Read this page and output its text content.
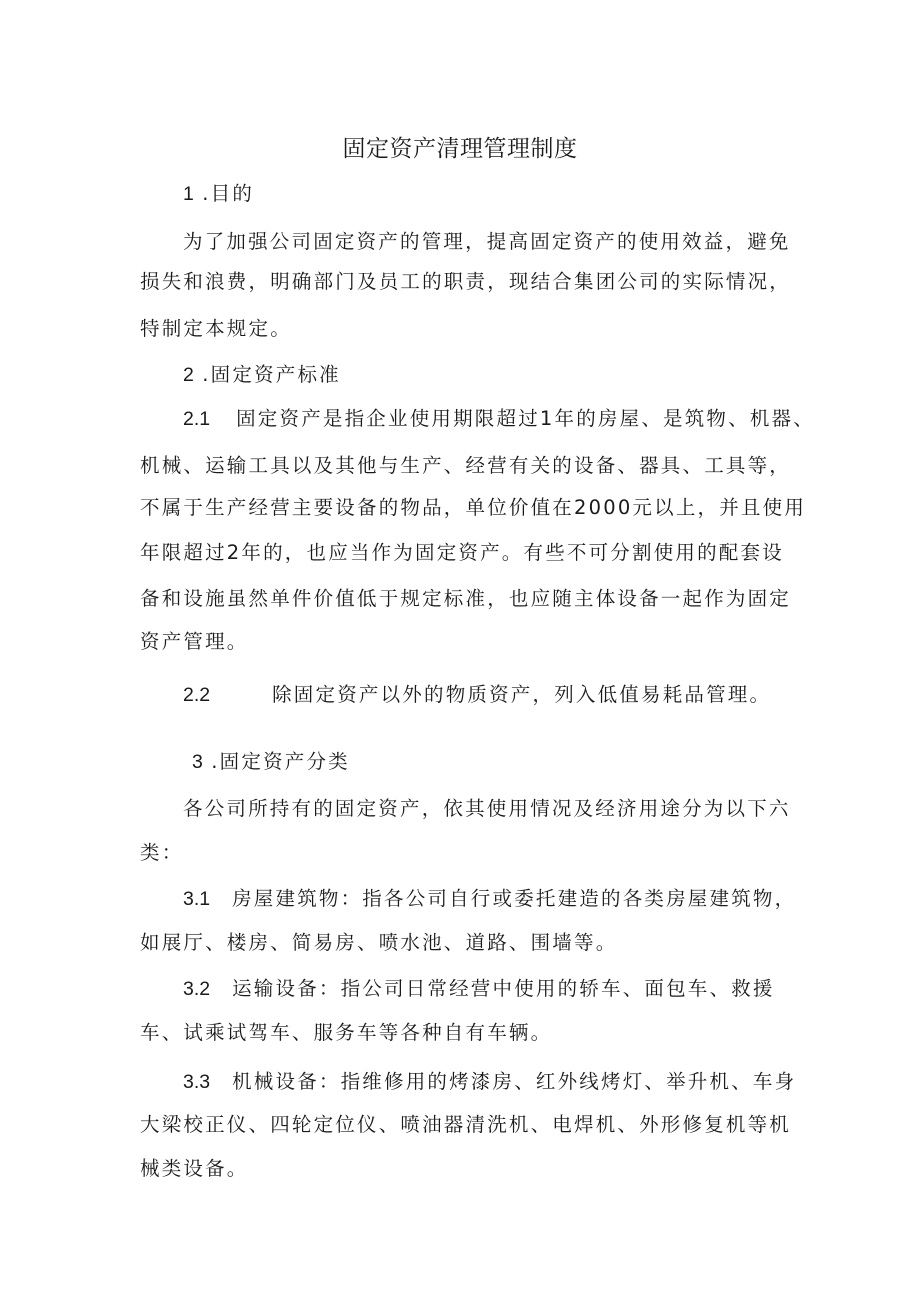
固定资产清理管理制度
1 .目的
为了加强公司固定资产的管理，提高固定资产的使用效益，避免
损失和浪费，明确部门及员工的职责，现结合集团公司的实际情况，
特制定本规定。
2 .固定资产标准
2.1 固定资产是指企业使用期限超过1年的房屋、是筑物、机器、
机械、运输工具以及其他与生产、经营有关的设备、器具、工具等，
不属于生产经营主要设备的物品，单位价值在2000元以上，并且使用
年限超过2年的，也应当作为固定资产。有些不可分割使用的配套设
备和设施虽然单件价值低于规定标准，也应随主体设备一起作为固定
资产管理。
2.2	除固定资产以外的物质资产，列入低值易耗品管理。
3 .固定资产分类
各公司所持有的固定资产，依其使用情况及经济用途分为以下六
类：
3.1 房屋建筑物：指各公司自行或委托建造的各类房屋建筑物，
如展厅、楼房、简易房、喷水池、道路、围墙等。
3.2 运输设备：指公司日常经营中使用的轿车、面包车、救援
车、试乘试驾车、服务车等各种自有车辆。
3.3 机械设备：指维修用的烤漆房、红外线烤灯、举升机、车身
大梁校正仪、四轮定位仪、喷油器清洗机、电焊机、外形修复机等机
械类设备。
